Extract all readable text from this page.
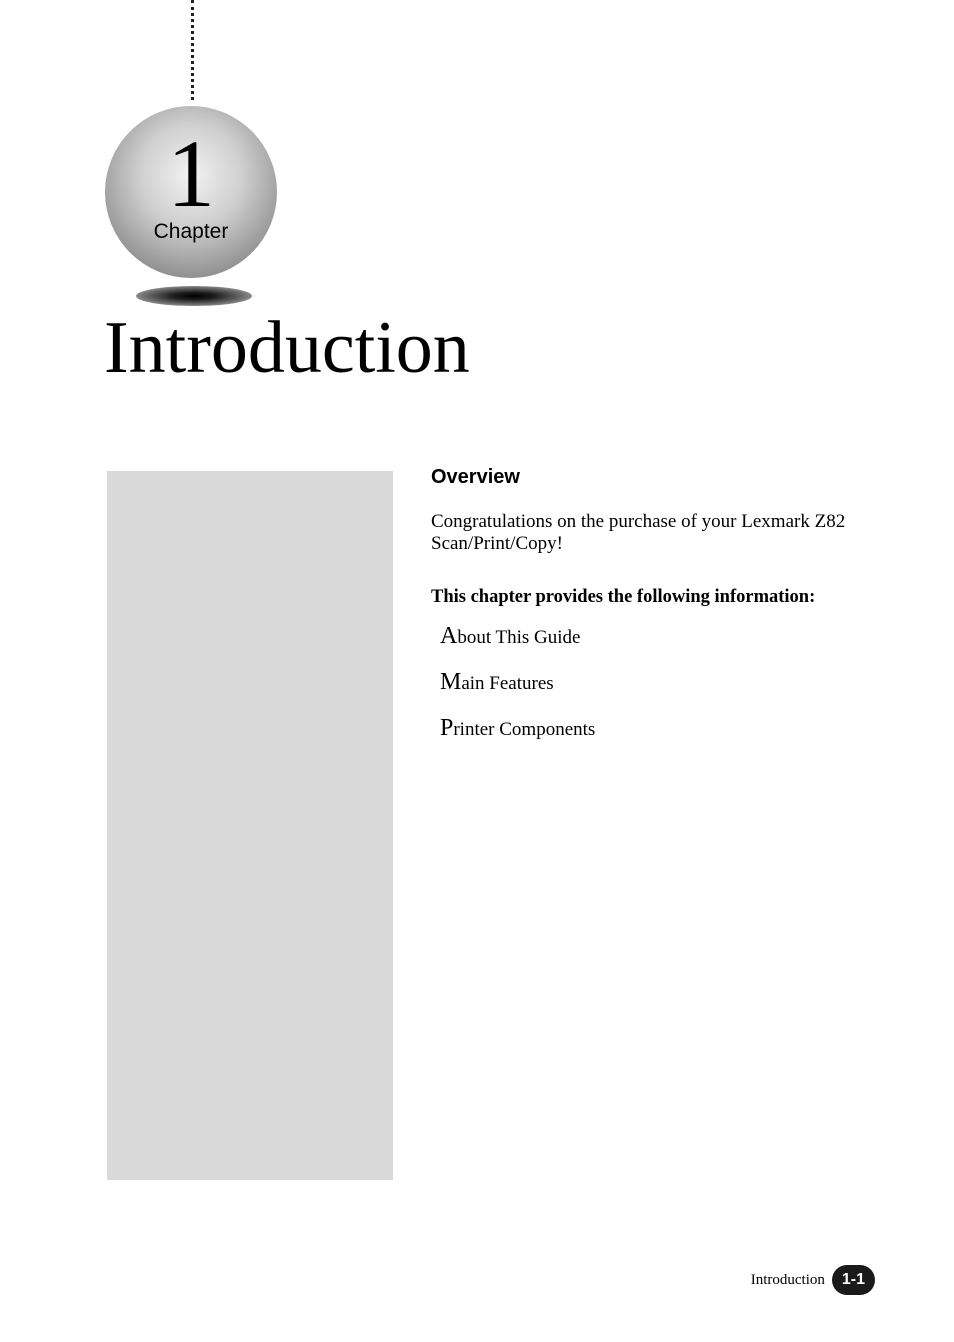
1
Chapter
Introduction
Overview

Congratulations on the purchase of your Lexmark Z82 Scan/Print/Copy!

This chapter provides the following information:

About This Guide
Main Features
Printer Components
Introduction	1-1
